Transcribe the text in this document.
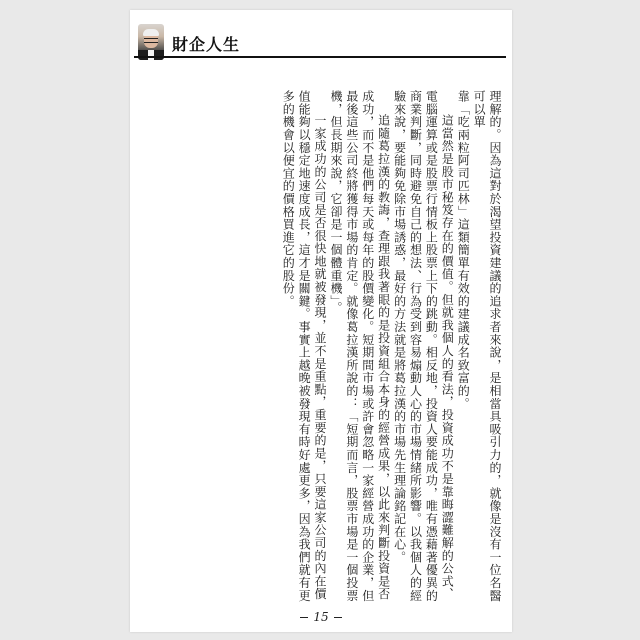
財企人生

理解的。因為這對於渴望投資建議的追求者來說，是相當具吸引力的，就像是沒有一位名醫可以單

靠「吃兩粒阿司匹林」這類簡單有效的建議成名致富的。

這當然是股市秘笈存在的價值。但就我個人的看法，投資成功不是靠晦澀難解的公式、電腦運算或是股票行情板上股票上下的跳動。相反地，投資人要能成功，唯有憑藉著優異的商業判斷，同時避免自己的想法、行為受到容易煽動人心的市場情緒所影響。以我個人的經驗來說，要能夠免除市場誘惑，最好的方法就是將葛拉漢的市場先生理論銘記在心。

追隨葛拉漢的教誨，查理跟我著眼的是投資組合本身的經營成果，以此來判斷投資是否成功，而不是他們每天或每年的股價變化。短期間市場或許會忽略一家經營成功的企業，但最後這些公司終將獲得市場的肯定。就像葛拉漢所說的：「短期而言，股票市場是一個投票機，但長期來說，它卻是一個體重機」。

一家成功的公司是否很快地就被發現，並不是重點，重要的是，只要這家公司的內在價值能夠以穩定地速度成長，這才是關鍵。事實上越晚被發現有時好處更多，因為我們就有更多的機會以便宜的價格買進它的股份。

15
